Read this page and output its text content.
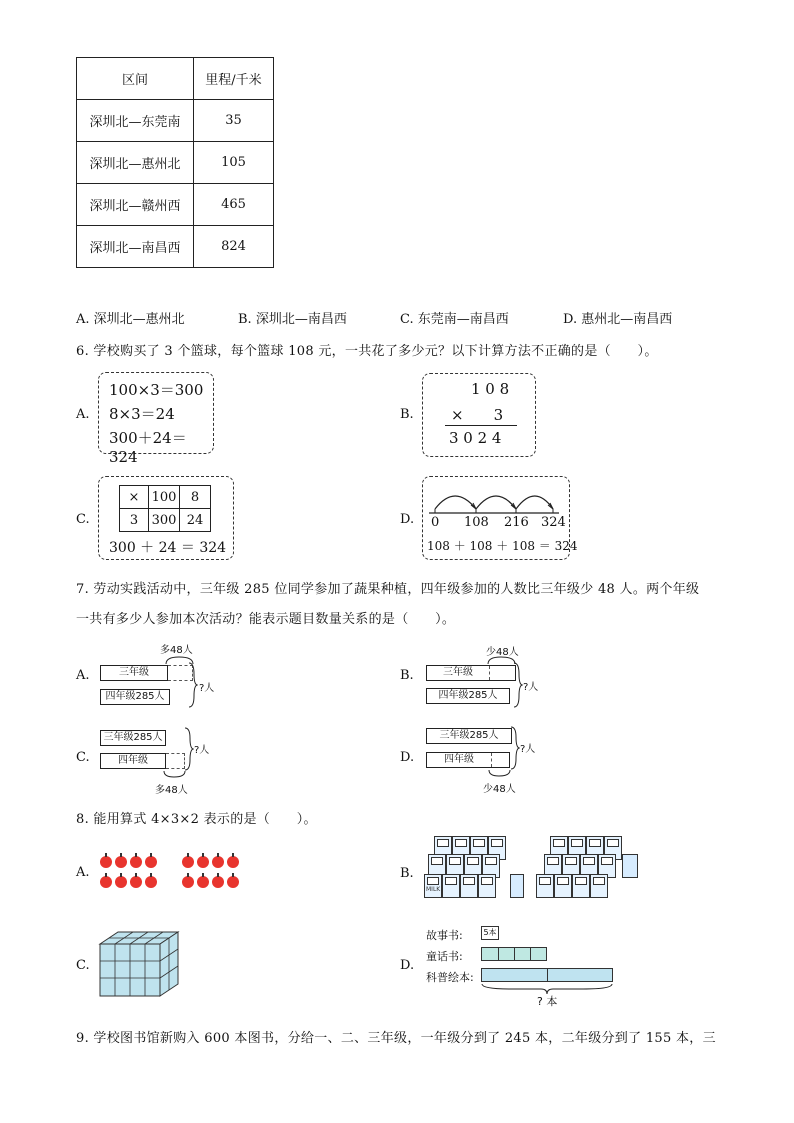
区间	里程/千米
深圳北—东莞南	35
深圳北—惠州北	105
深圳北—赣州西	465
深圳北—南昌西	824
A. 深圳北—惠州北	B. 深圳北—南昌西	C. 东莞南—南昌西	D. 惠州北—南昌西
6. 学校购买了 3 个篮球，每个篮球 108 元，一共花了多少元？以下计算方法不正确的是（　　）。
A.
100×3＝300
8×3＝24
300＋24＝324
B.
1 0 8
×　　3
3 0 2 4
C.
×	100	8
3	300	24
300 ＋ 24 ＝ 324
D. 0 108 216 324
108 ＋ 108 ＋ 108 ＝ 324
7. 劳动实践活动中，三年级 285 位同学参加了蔬果种植，四年级参加的人数比三年级少 48 人。两个年级
一共有多少人参加本次活动？能表示题目数量关系的是（　　）。
A.
多48人
三年级
四年级285人
?人
B.
少48人
三年级
四年级285人
?人
C.
三年级285人
四年级
?人
多48人
D.
三年级285人
四年级
?人
少48人
8. 能用算式 4×3×2 表示的是（　　）。
A.	B.
MILK
C.	D.
故事书:	5本
童话书:
科普绘本:
? 本
9. 学校图书馆新购入 600 本图书，分给一、二、三年级，一年级分到了 245 本，二年级分到了 155 本，三
